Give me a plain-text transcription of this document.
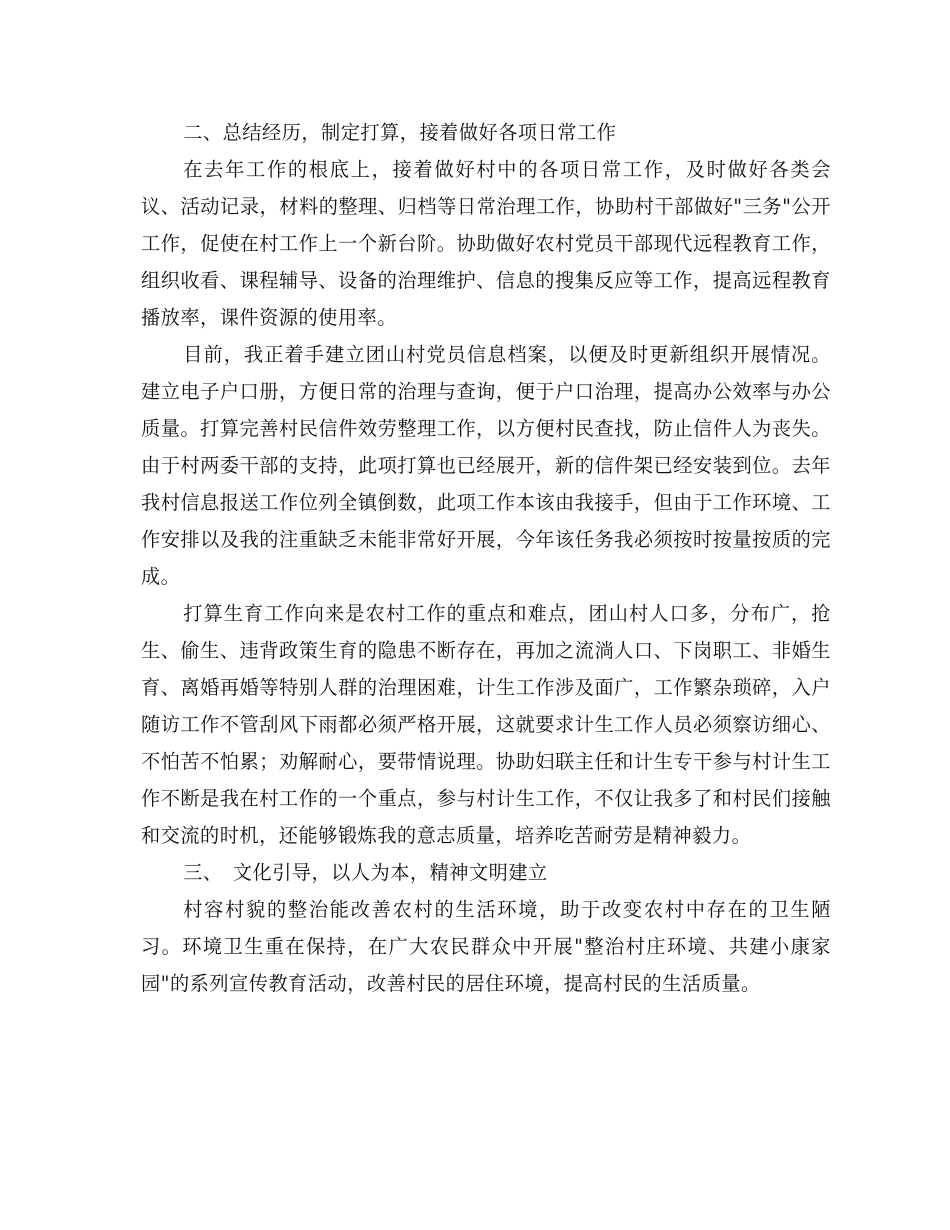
二、总结经历，制定打算，接着做好各项日常工作

在去年工作的根底上，接着做好村中的各项日常工作，及时做好各类会议、活动记录，材料的整理、归档等日常治理工作，协助村干部做好"三务"公开工作，促使在村工作上一个新台阶。协助做好农村党员干部现代远程教育工作，组织收看、课程辅导、设备的治理维护、信息的搜集反应等工作，提高远程教育播放率，课件资源的使用率。

目前，我正着手建立团山村党员信息档案，以便及时更新组织开展情况。建立电子户口册，方便日常的治理与查询，便于户口治理，提高办公效率与办公质量。打算完善村民信件效劳整理工作，以方便村民查找，防止信件人为丧失。由于村两委干部的支持，此项打算也已经展开，新的信件架已经安装到位。去年我村信息报送工作位列全镇倒数，此项工作本该由我接手，但由于工作环境、工作安排以及我的注重缺乏未能非常好开展，今年该任务我必须按时按量按质的完成。

打算生育工作向来是农村工作的重点和难点，团山村人口多，分布广，抢生、偷生、违背政策生育的隐患不断存在，再加之流淌人口、下岗职工、非婚生育、离婚再婚等特别人群的治理困难，计生工作涉及面广，工作繁杂琐碎，入户随访工作不管刮风下雨都必须严格开展，这就要求计生工作人员必须察访细心、不怕苦不怕累；劝解耐心，要带情说理。协助妇联主任和计生专干参与村计生工作不断是我在村工作的一个重点，参与村计生工作，不仅让我多了和村民们接触和交流的时机，还能够锻炼我的意志质量，培养吃苦耐劳是精神毅力。

三、　文化引导，以人为本，精神文明建立

村容村貌的整治能改善农村的生活环境，助于改变农村中存在的卫生陋习。环境卫生重在保持，在广大农民群众中开展"整治村庄环境、共建小康家园"的系列宣传教育活动，改善村民的居住环境，提高村民的生活质量。
